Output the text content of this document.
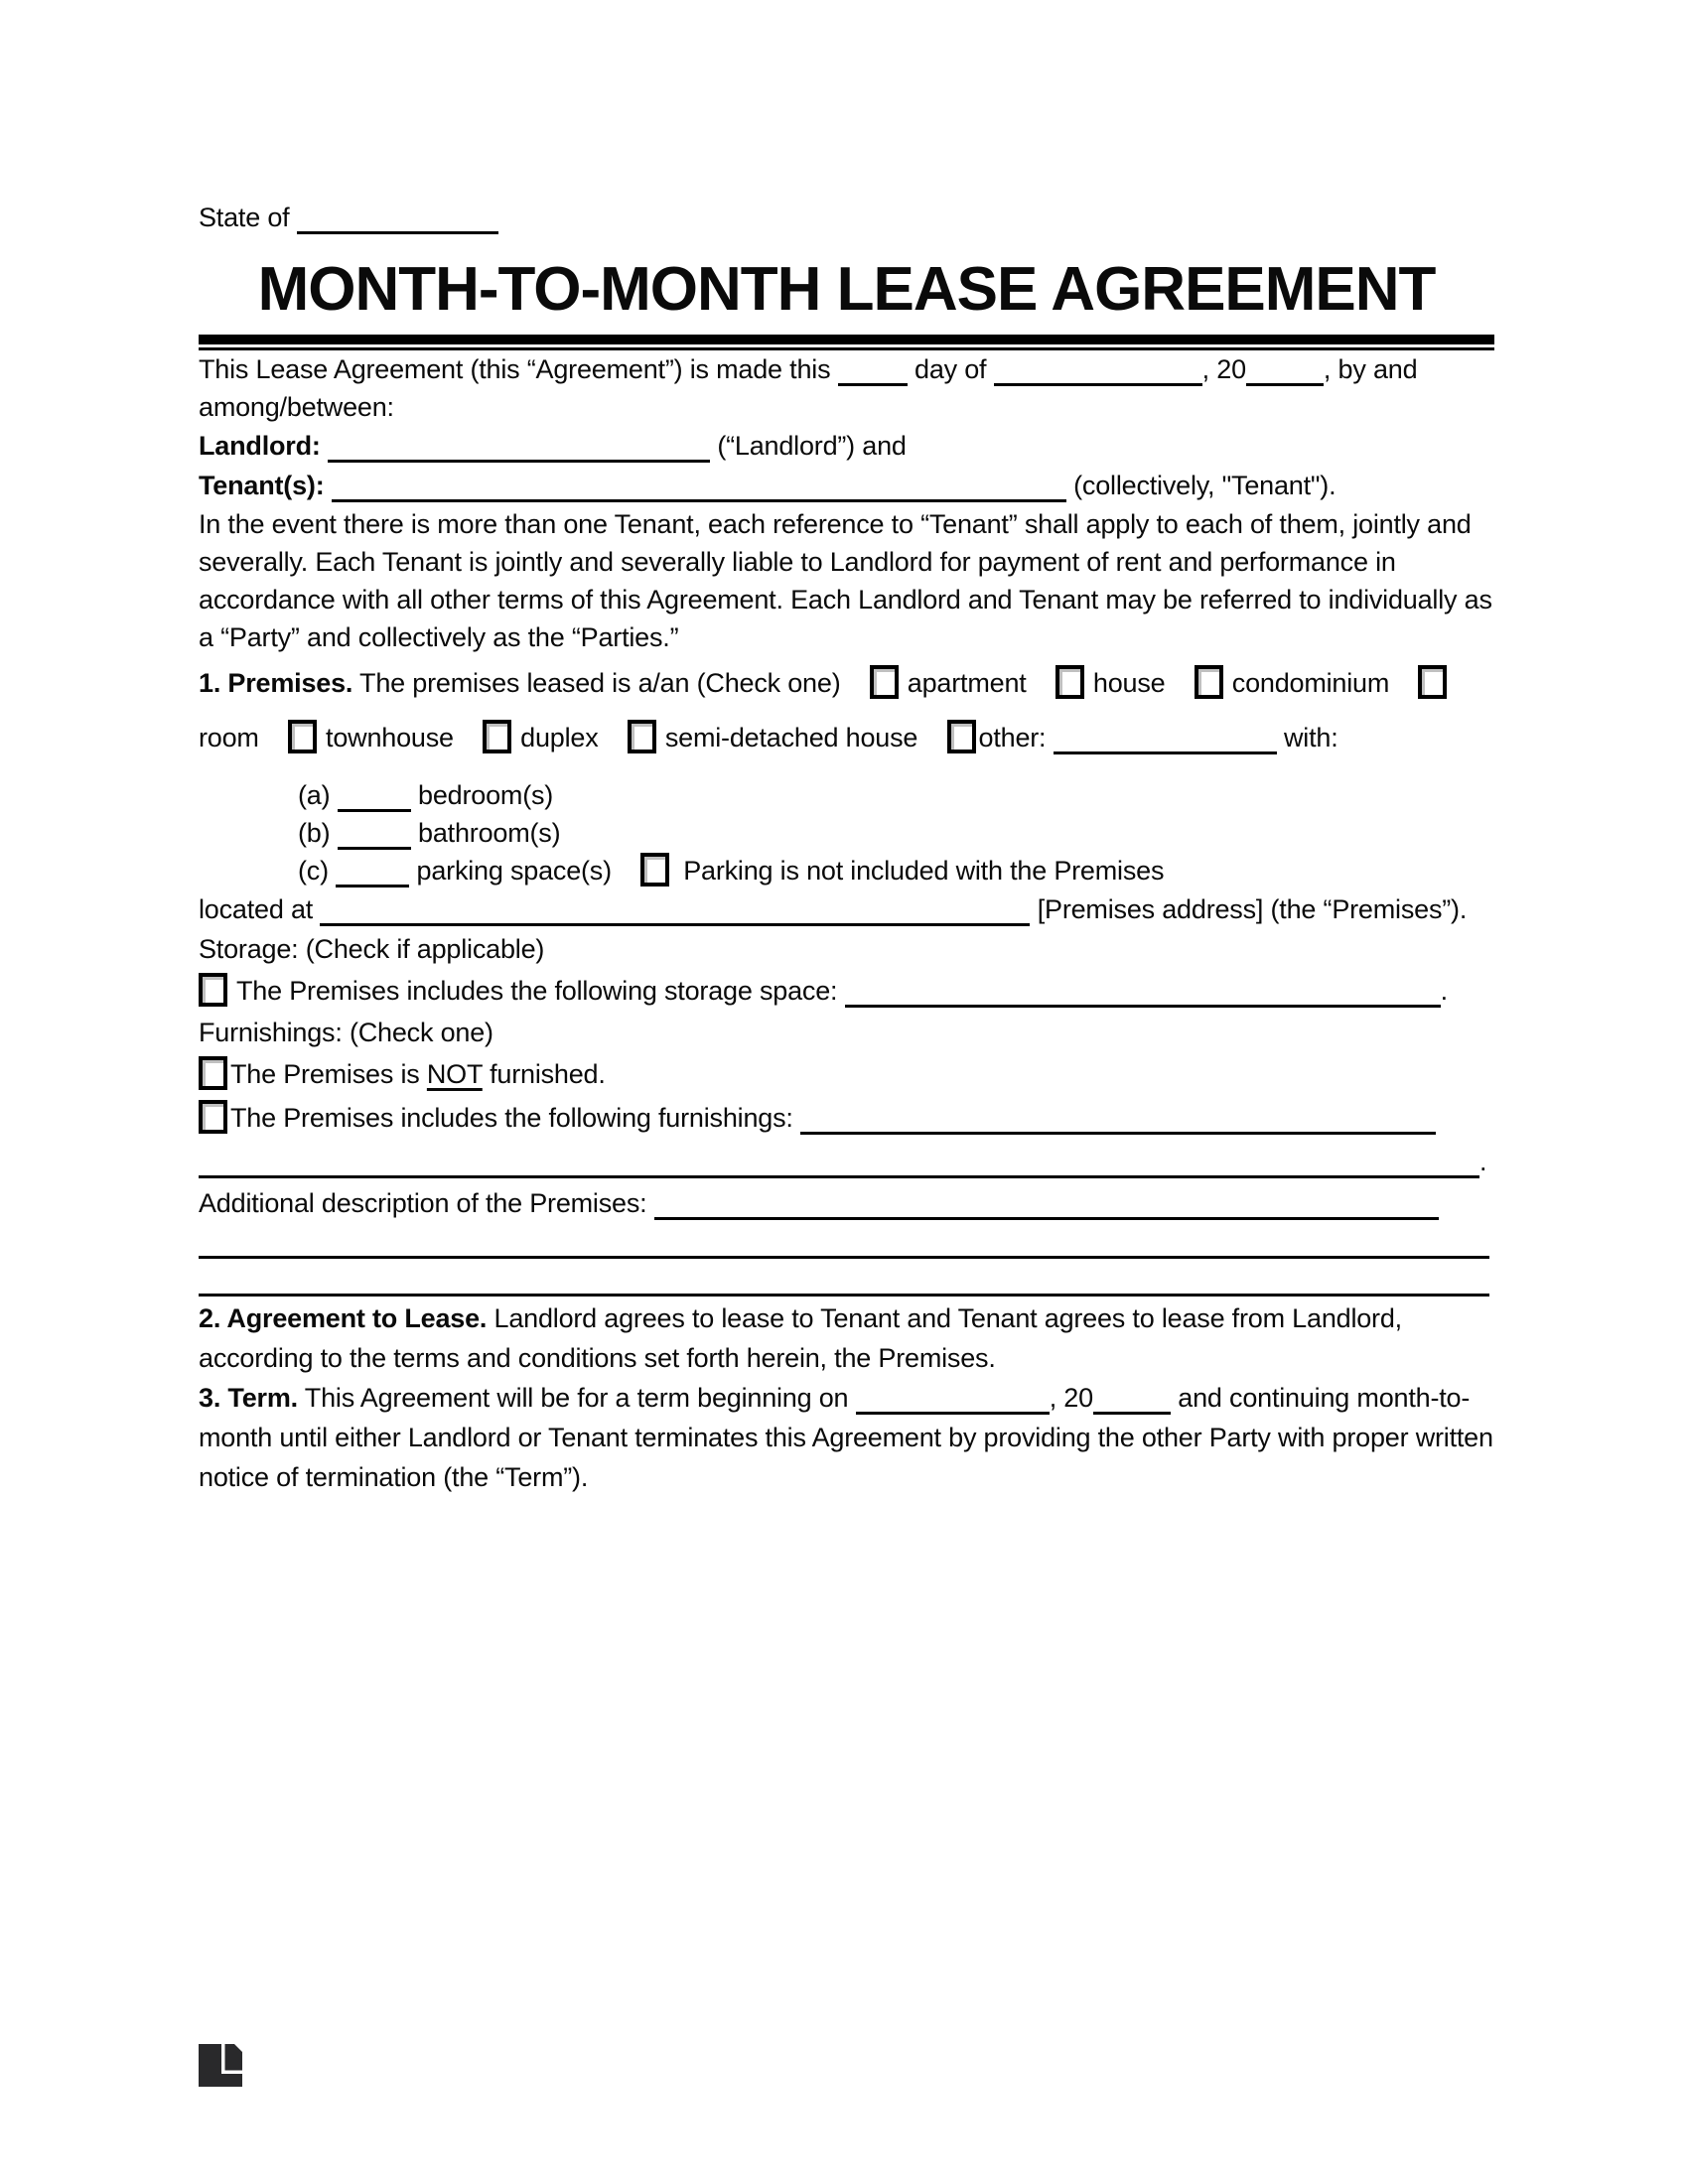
State of
MONTH-TO-MONTH LEASE AGREEMENT

This Lease Agreement (this “Agreement”) is made this	day of	, 20	, by and
among/between:

Landlord:	(“Landlord”) and
Tenant(s):	(collectively, "Tenant").

In the event there is more than one Tenant, each reference to “Tenant” shall apply to each of them, jointly and severally. Each Tenant is jointly and severally liable to Landlord for payment of rent and performance in accordance with all other terms of this Agreement. Each Landlord and Tenant may be referred to individually as a “Party” and collectively as the “Parties.”

1. Premises. The premises leased is a/an (Check one) apartment house condominium
room townhouse duplex semi-detached house other:	with:
(a)	bedroom(s)
(b)	bathroom(s)
(c)	parking space(s)	Parking is not included with the Premises
located at	[Premises address] (the “Premises”).
Storage: (Check if applicable)
The Premises includes the following storage space:	.
Furnishings: (Check one)
The Premises is NOT furnished.
The Premises includes the following furnishings:
.
Additional description of the Premises:

2. Agreement to Lease. Landlord agrees to lease to Tenant and Tenant agrees to lease from Landlord, according to the terms and conditions set forth herein, the Premises.

3. Term. This Agreement will be for a term beginning on	, 20	and continuing month-to-month until either Landlord or Tenant terminates this Agreement by providing the other Party with proper written notice of termination (the “Term”).
